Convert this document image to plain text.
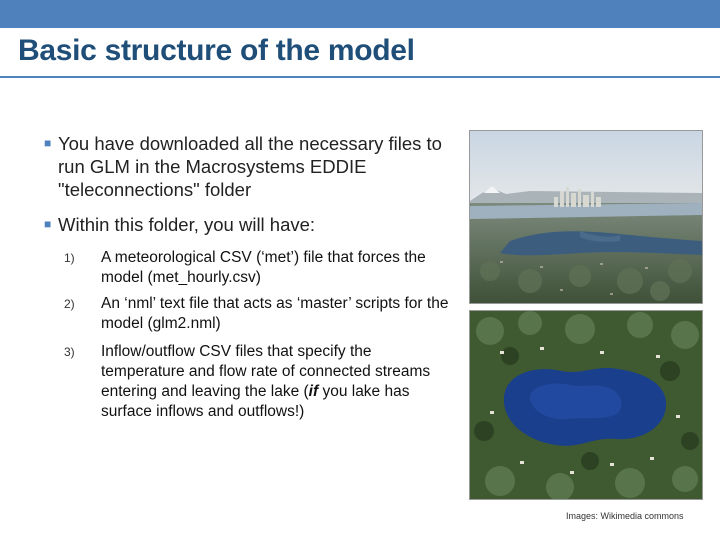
Basic structure of the model
■ You have downloaded all the necessary files to run GLM in the Macrosystems EDDIE "teleconnections" folder
■ Within this folder, you will have:
1) A meteorological CSV (‘met’) file that forces the model (met_hourly.csv)
2) An ‘nml’ text file that acts as ‘master’ scripts for the model (glm2.nml)
3) Inflow/outflow CSV files that specify the temperature and flow rate of connected streams entering and leaving the lake (if you lake has surface inflows and outflows!)
Images: Wikimedia commons
